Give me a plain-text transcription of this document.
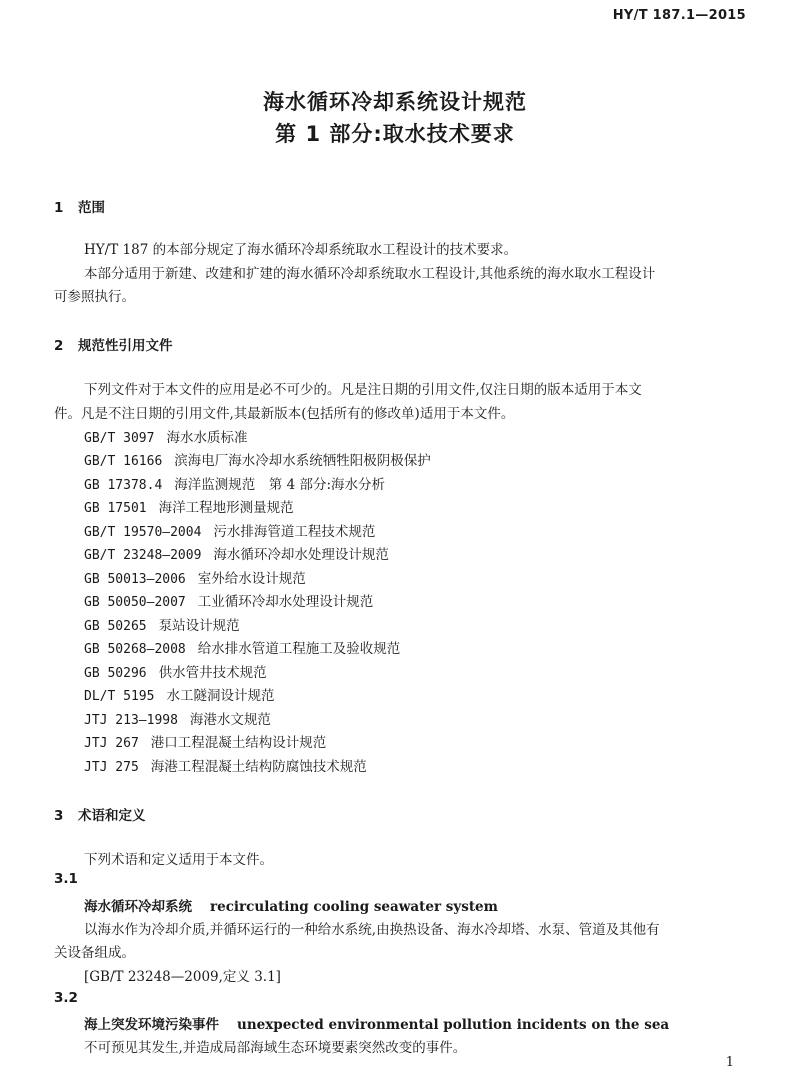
HY/T 187.1—2015
海水循环冷却系统设计规范
第 1 部分:取水技术要求
1 范围
HY/T 187 的本部分规定了海水循环冷却系统取水工程设计的技术要求。
本部分适用于新建、改建和扩建的海水循环冷却系统取水工程设计,其他系统的海水取水工程设计
可参照执行。
2 规范性引用文件
下列文件对于本文件的应用是必不可少的。凡是注日期的引用文件,仅注日期的版本适用于本文
件。凡是不注日期的引用文件,其最新版本(包括所有的修改单)适用于本文件。
GB/T 3097 海水水质标准
GB/T 16166 滨海电厂海水冷却水系统牺牲阳极阴极保护
GB 17378.4 海洋监测规范　第 4 部分:海水分析
GB 17501 海洋工程地形测量规范
GB/T 19570—2004 污水排海管道工程技术规范
GB/T 23248—2009 海水循环冷却水处理设计规范
GB 50013—2006 室外给水设计规范
GB 50050—2007 工业循环冷却水处理设计规范
GB 50265 泵站设计规范
GB 50268—2008 给水排水管道工程施工及验收规范
GB 50296 供水管井技术规范
DL/T 5195 水工隧洞设计规范
JTJ 213—1998 海港水文规范
JTJ 267 港口工程混凝土结构设计规范
JTJ 275 海港工程混凝土结构防腐蚀技术规范
3 术语和定义
下列术语和定义适用于本文件。
3.1
海水循环冷却系统 recirculating cooling seawater system
以海水作为冷却介质,并循环运行的一种给水系统,由换热设备、海水冷却塔、水泵、管道及其他有
关设备组成。
[GB/T 23248—2009,定义 3.1]
3.2
海上突发环境污染事件 unexpected environmental pollution incidents on the sea
不可预见其发生,并造成局部海域生态环境要素突然改变的事件。
1
